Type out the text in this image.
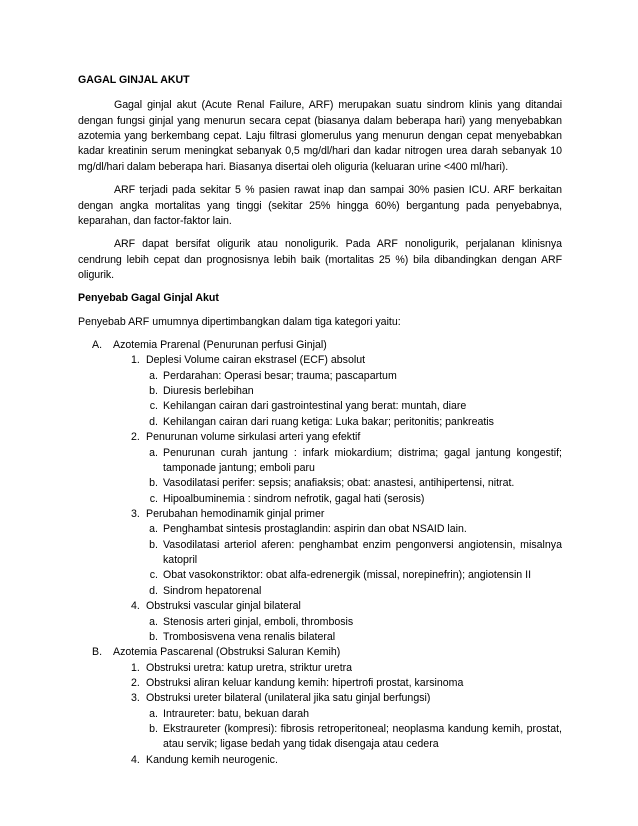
GAGAL GINJAL AKUT

Gagal ginjal akut (Acute Renal Failure, ARF) merupakan suatu sindrom klinis yang ditandai dengan fungsi ginjal yang menurun secara cepat (biasanya dalam beberapa hari) yang menyebabkan azotemia yang berkembang cepat. Laju filtrasi glomerulus yang menurun dengan cepat menyebabkan kadar kreatinin serum meningkat sebanyak 0,5 mg/dl/hari dan kadar nitrogen urea darah sebanyak 10 mg/dl/hari dalam beberapa hari. Biasanya disertai oleh oliguria (keluaran urine <400 ml/hari).

ARF terjadi pada sekitar 5 % pasien rawat inap dan sampai 30% pasien ICU. ARF berkaitan dengan angka mortalitas yang tinggi (sekitar 25% hingga 60%) bergantung pada penyebabnya, keparahan, dan factor-faktor lain.

ARF dapat bersifat oligurik atau nonoligurik. Pada ARF nonoligurik, perjalanan klinisnya cendrung lebih cepat dan prognosisnya lebih baik (mortalitas 25 %) bila dibandingkan dengan ARF oligurik.

Penyebab Gagal Ginjal Akut

Penyebab ARF umumnya dipertimbangkan dalam tiga kategori yaitu:

A. Azotemia Prarenal (Penurunan perfusi Ginjal)
1. Deplesi Volume cairan ekstrasel (ECF) absolut
a. Perdarahan: Operasi besar; trauma; pascapartum
b. Diuresis berlebihan
c. Kehilangan cairan dari gastrointestinal yang berat: muntah, diare
d. Kehilangan cairan dari ruang ketiga: Luka bakar; peritonitis; pankreatis
2. Penurunan volume sirkulasi arteri yang efektif
a. Penurunan curah jantung : infark miokardium; distrima; gagal jantung kongestif; tamponade jantung; emboli paru
b. Vasodilatasi perifer: sepsis; anafiaksis; obat: anastesi, antihipertensi, nitrat.
c. Hipoalbuminemia : sindrom nefrotik, gagal hati (serosis)
3. Perubahan hemodinamik ginjal primer
a. Penghambat sintesis prostaglandin: aspirin dan obat NSAID lain.
b. Vasodilatasi arteriol aferen: penghambat enzim pengonversi angiotensin, misalnya katopril
c. Obat vasokonstriktor: obat alfa-edrenergik (missal, norepinefrin); angiotensin II
d. Sindrom hepatorenal
4. Obstruksi vascular ginjal bilateral
a. Stenosis arteri ginjal, emboli, thrombosis
b. Trombosisvena vena renalis bilateral
B. Azotemia Pascarenal (Obstruksi Saluran Kemih)
1. Obstruksi uretra: katup uretra, striktur uretra
2. Obstruksi aliran keluar kandung kemih: hipertrofi prostat, karsinoma
3. Obstruksi ureter bilateral (unilateral jika satu ginjal berfungsi)
a. Intraureter: batu, bekuan darah
b. Ekstraureter (kompresi): fibrosis retroperitoneal; neoplasma kandung kemih, prostat, atau servik; ligase bedah yang tidak disengaja atau cedera
4. Kandung kemih neurogenic.
